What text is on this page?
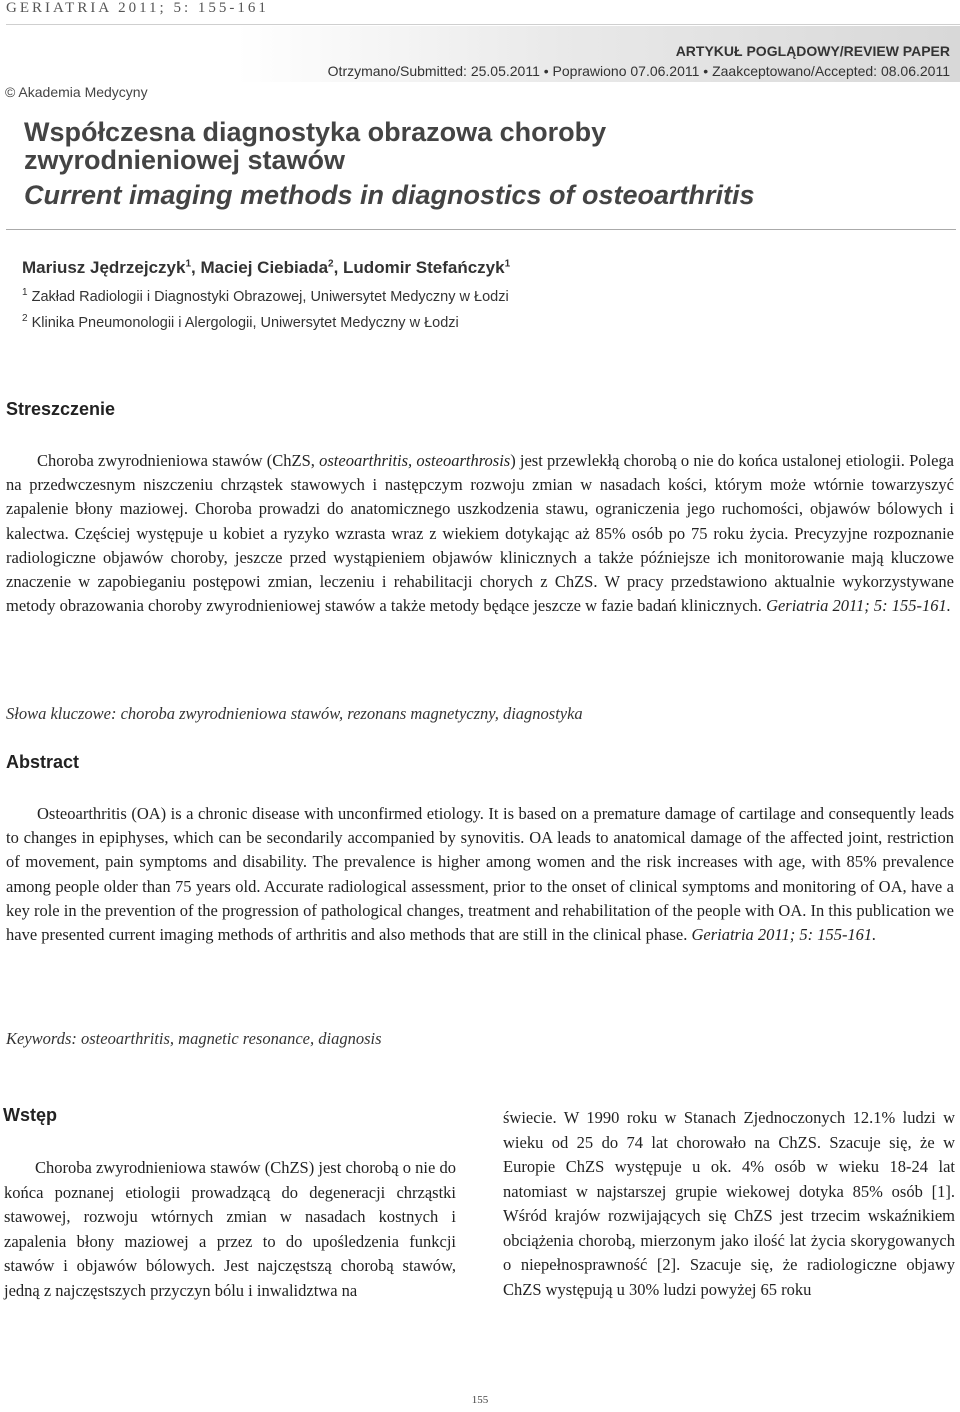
GERIATRIA 2011; 5: 155-161
© Akademia Medycyny
ARTYKUŁ POGLĄDOWY/REVIEW PAPER
Otrzymano/Submitted: 25.05.2011 • Poprawiono 07.06.2011 • Zaakceptowano/Accepted: 08.06.2011
Współczesna diagnostyka obrazowa choroby
zwyrodnieniowej stawów
Current imaging methods in diagnostics of osteoarthritis
Mariusz Jędrzejczyk$^1$, Maciej Ciebiada$^2$, Ludomir Stefańczyk$^1$
$^1$ Zakład Radiologii i Diagnostyki Obrazowej, Uniwersytet Medyczny w Łodzi
$^2$ Klinika Pneumonologii i Alergologii, Uniwersytet Medyczny w Łodzi
Streszczenie

Choroba zwyrodnieniowa stawów (ChZS, osteoarthritis, osteoarthrosis) jest przewlekłą chorobą o nie do końca ustalonej etiologii. Polega na przedwczesnym niszczeniu chrząstek stawowych i następczym rozwoju zmian w nasadach kości, którym może wtórnie towarzyszyć zapalenie błony maziowej. Choroba prowadzi do anatomicznego uszkodzenia stawu, ograniczenia jego ruchomości, objawów bólowych i kalectwa. Częściej występuje u kobiet a ryzyko wzrasta wraz z wiekiem dotykając aż 85% osób po 75 roku życia. Precyzyjne rozpoznanie radiologiczne objawów choroby, jeszcze przed wystąpieniem objawów klinicznych a także późniejsze ich monitorowanie mają kluczowe znaczenie w zapobieganiu postępowi zmian, leczeniu i rehabilitacji chorych z ChZS. W pracy przedstawiono aktualnie wykorzystywane metody obrazowania choroby zwyrodnieniowej stawów a także metody będące jeszcze w fazie badań klinicznych. Geriatria 2011; 5: 155-161.

Słowa kluczowe: choroba zwyrodnieniowa stawów, rezonans magnetyczny, diagnostyka

Abstract

Osteoarthritis (OA) is a chronic disease with unconfirmed etiology. It is based on a premature damage of cartilage and consequently leads to changes in epiphyses, which can be secondarily accompanied by synovitis. OA leads to anatomical damage of the affected joint, restriction of movement, pain symptoms and disability. The prevalence is higher among women and the risk increases with age, with 85% prevalence among people older than 75 years old. Accurate radiological assessment, prior to the onset of clinical symptoms and monitoring of OA, have a key role in the prevention of the progression of pathological changes, treatment and rehabilitation of the people with OA. In this publication we have presented current imaging methods of arthritis and also methods that are still in the clinical phase. Geriatria 2011; 5: 155-161.

Keywords: osteoarthritis, magnetic resonance, diagnosis

Wstęp

Choroba zwyrodnieniowa stawów (ChZS) jest chorobą o nie do końca poznanej etiologii prowadzącą do degeneracji chrząstki stawowej, rozwoju wtórnych zmian w nasadach kostnych i zapalenia błony maziowej a przez to do upośledzenia funkcji stawów i objawów bólowych. Jest najczęstszą chorobą stawów, jedną z najczęstszych przyczyn bólu i inwalidztwa na

świecie. W 1990 roku w Stanach Zjednoczonych 12.1% ludzi w wieku od 25 do 74 lat chorowało na ChZS. Szacuje się, że w Europie ChZS występuje u ok. 4% osób w wieku 18-24 lat natomiast w najstarszej grupie wiekowej dotyka 85% osób [1]. Wśród krajów rozwijających się ChZS jest trzecim wskaźnikiem obciążenia chorobą, mierzonym jako ilość lat życia skorygowanych o niepełnosprawność [2]. Szacuje się, że radiologiczne objawy ChZS występują u 30% ludzi powyżej 65 roku

155
